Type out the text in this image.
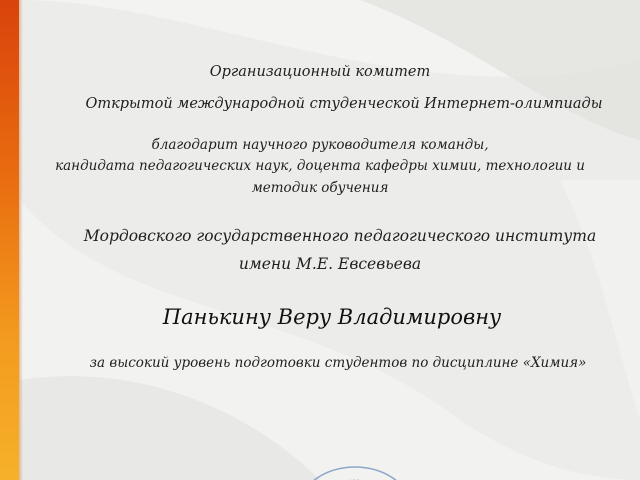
Организационный комитет
Открытой международной студенческой Интернет-олимпиады
благодарит научного руководителя команды,
кандидата педагогических наук, доцента кафедры химии, технологии и
методик обучения
Мордовского государственного педагогического института
имени М.Е. Евсевьева
Панькину Веру Владимировну
за высокий уровень подготовки студентов по дисциплине «Химия»
